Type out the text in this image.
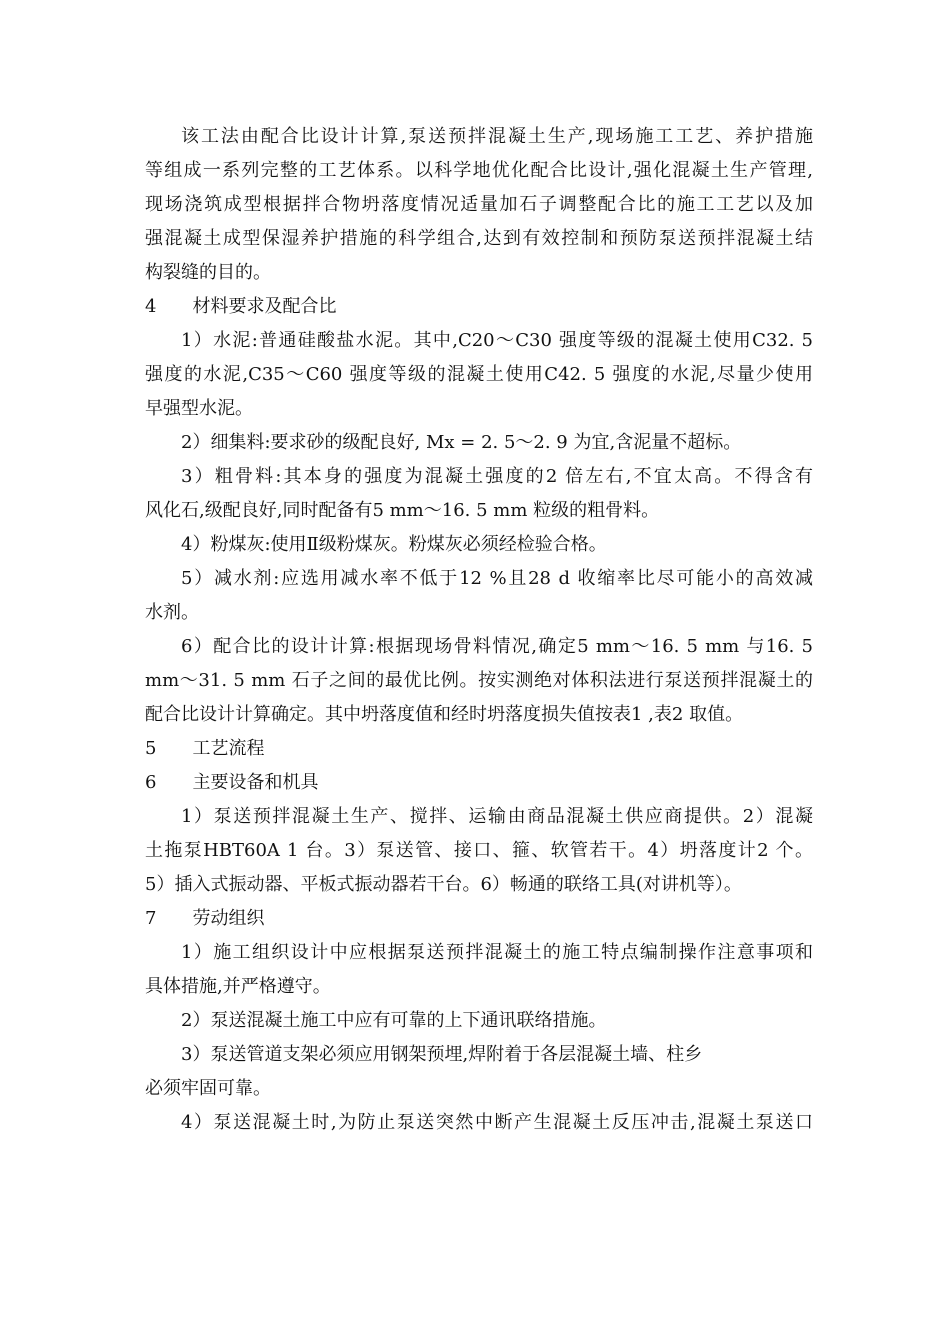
该工法由配合比设计计算,泵送预拌混凝土生产,现场施工工艺、养护措施
等组成一系列完整的工艺体系。以科学地优化配合比设计,强化混凝土生产管理,
现场浇筑成型根据拌合物坍落度情况适量加石子调整配合比的施工工艺以及加
强混凝土成型保湿养护措施的科学组合,达到有效控制和预防泵送预拌混凝土结
构裂缝的目的。
4　　材料要求及配合比
1）水泥:普通硅酸盐水泥。其中,C20～C30 强度等级的混凝土使用C32. 5
强度的水泥,C35～C60 强度等级的混凝土使用C42. 5 强度的水泥,尽量少使用
早强型水泥。
2）细集料:要求砂的级配良好, Mx = 2. 5～2. 9 为宜,含泥量不超标。
3）粗骨料:其本身的强度为混凝土强度的2 倍左右,不宜太高。不得含有
风化石,级配良好,同时配备有5 mm～16. 5 mm 粒级的粗骨料。
4）粉煤灰:使用Ⅱ级粉煤灰。粉煤灰必须经检验合格。
5）减水剂:应选用减水率不低于12 %且28 d 收缩率比尽可能小的高效减
水剂。
6）配合比的设计计算:根据现场骨料情况,确定5 mm～16. 5 mm 与16. 5
mm～31. 5 mm 石子之间的最优比例。按实测绝对体积法进行泵送预拌混凝土的
配合比设计计算确定。其中坍落度值和经时坍落度损失值按表1 ,表2 取值。
5　　工艺流程
6　　主要设备和机具
1）泵送预拌混凝土生产、搅拌、运输由商品混凝土供应商提供。2）混凝
土拖泵HBT60A 1 台。3）泵送管、接口、箍、软管若干。4）坍落度计2 个。
5）插入式振动器、平板式振动器若干台。6）畅通的联络工具(对讲机等）。
7　　劳动组织
1）施工组织设计中应根据泵送预拌混凝土的施工特点编制操作注意事项和
具体措施,并严格遵守。
2）泵送混凝土施工中应有可靠的上下通讯联络措施。
3）泵送管道支架必须应用钢架预埋,焊附着于各层混凝土墙、柱乡
必须牢固可靠。
4）泵送混凝土时,为防止泵送突然中断产生混凝土反压冲击,混凝土泵送口
